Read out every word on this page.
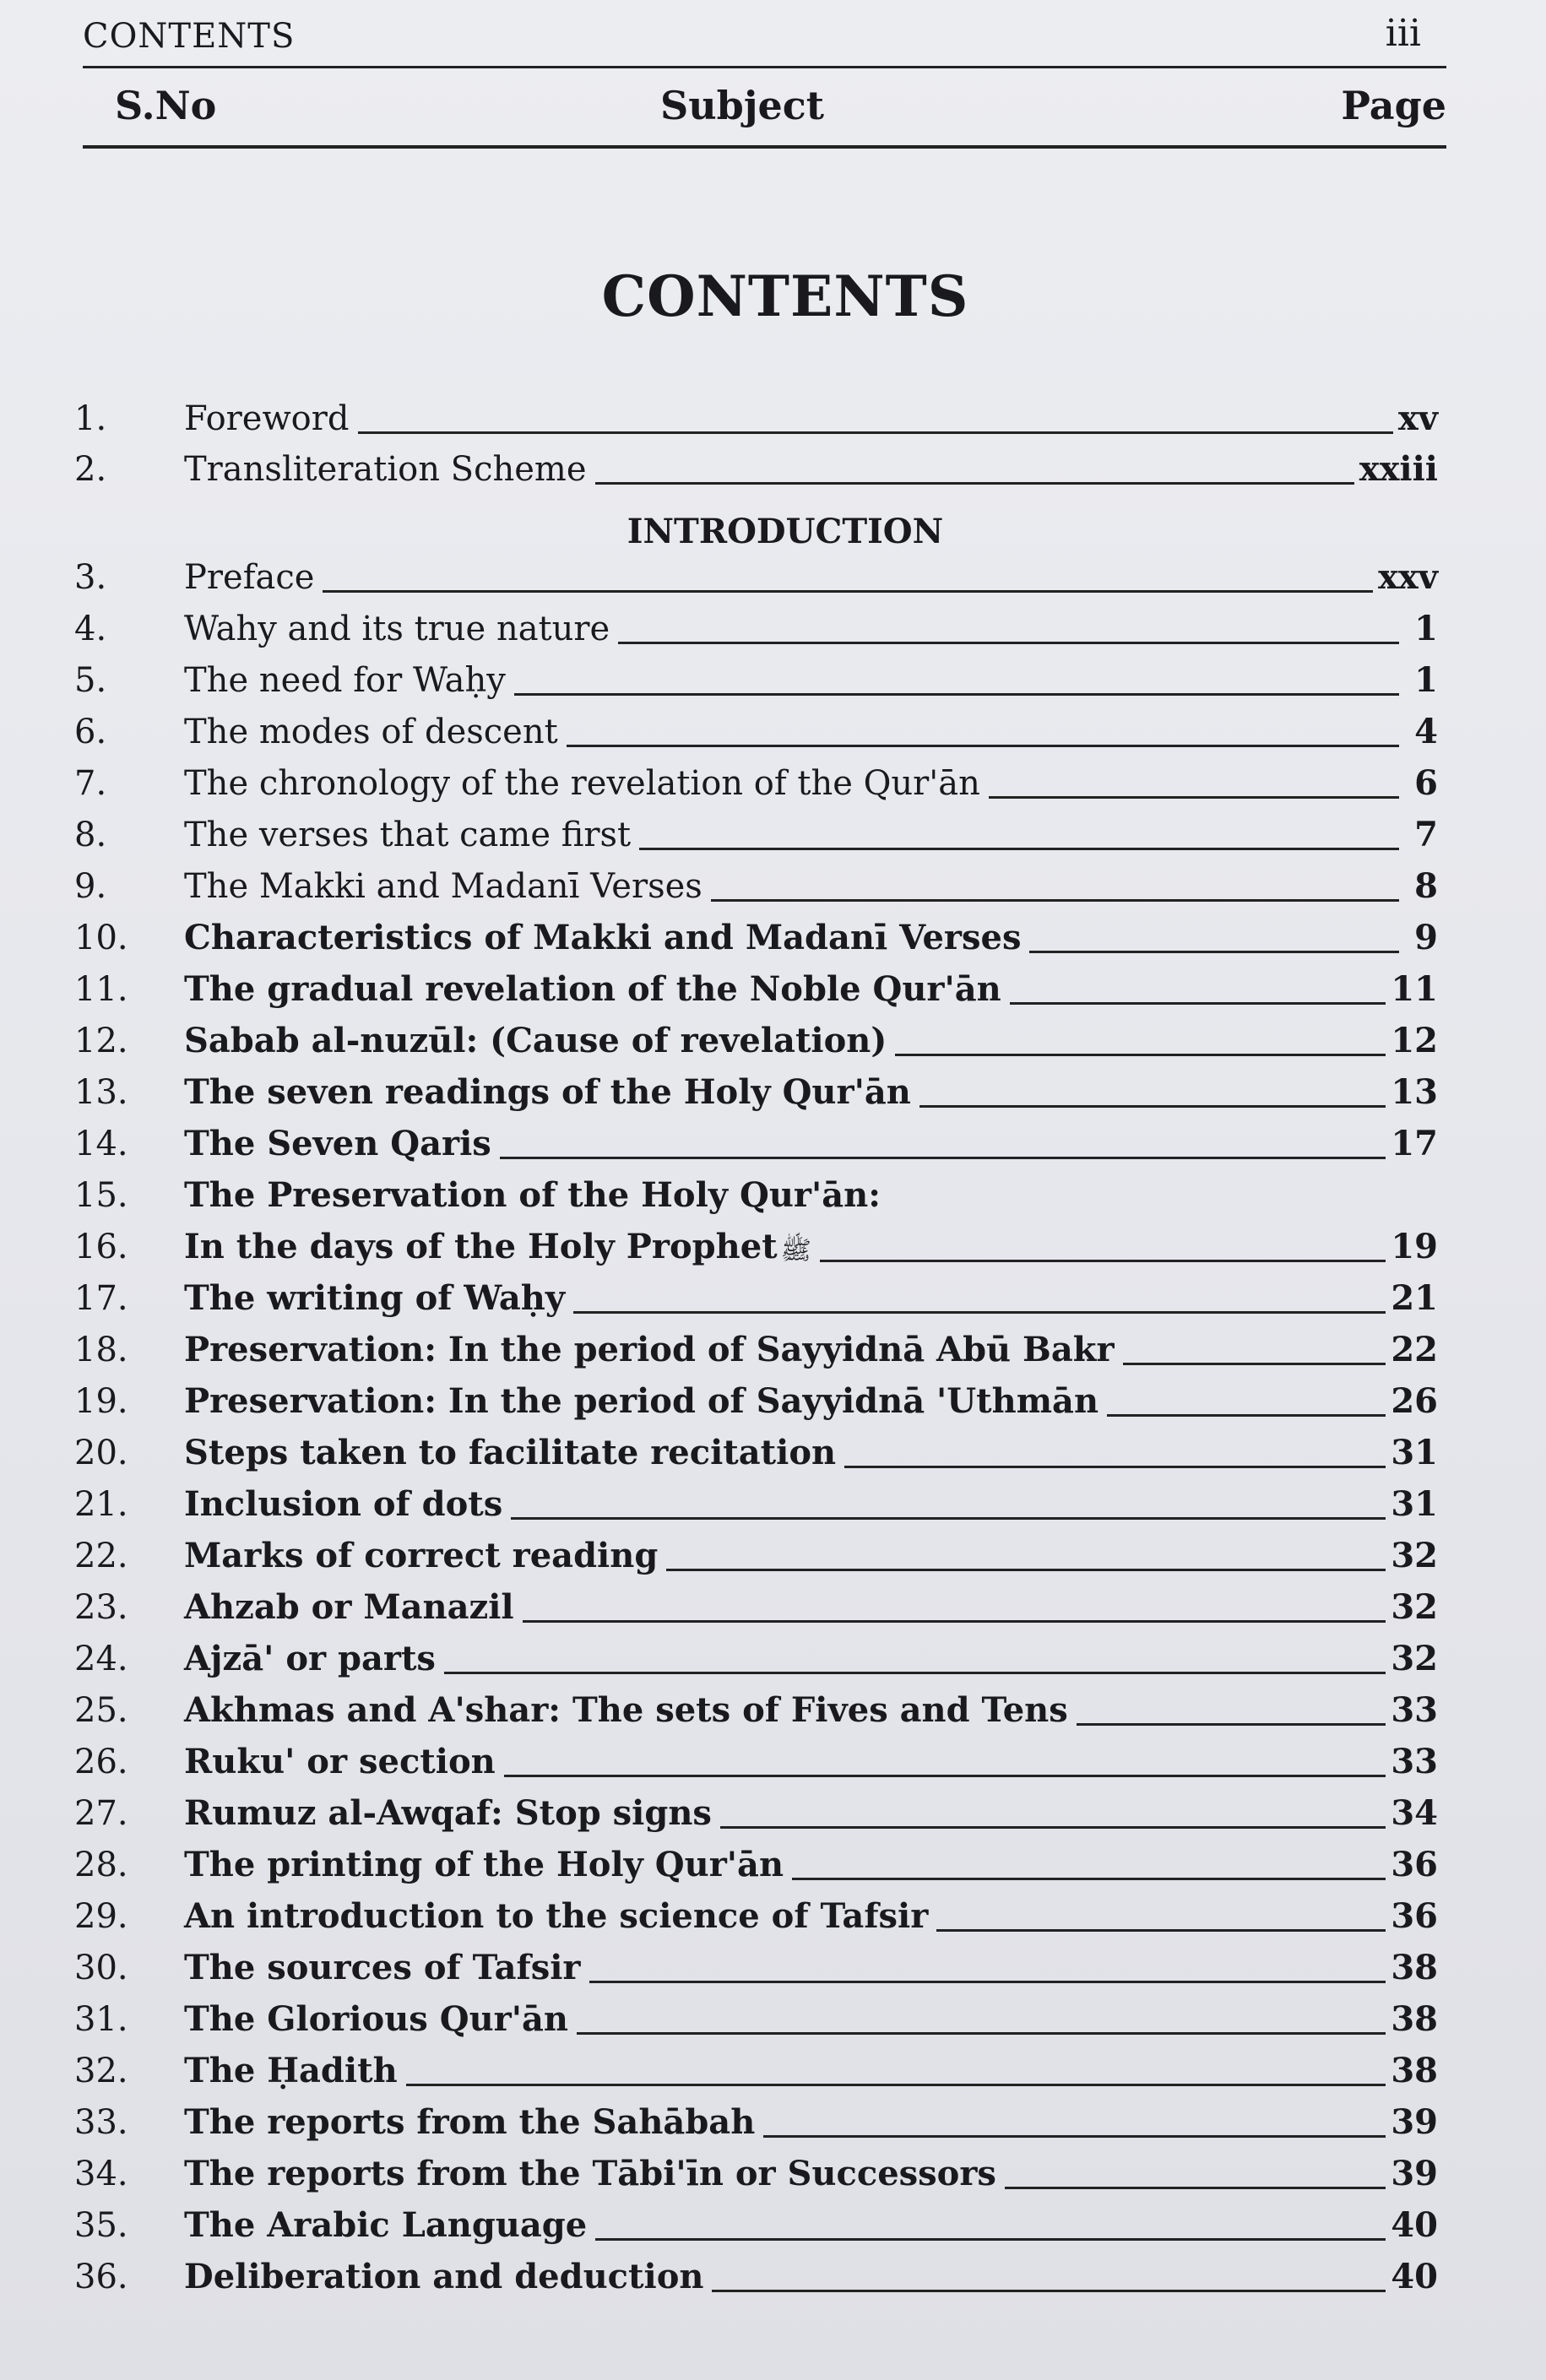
CONTENTS	iii
S.No	Subject	Page
CONTENTS
INTRODUCTION
1.	Foreword	xv
2.	Transliteration Scheme	xxiii
3.	Preface	xxv
4.	Wahy and its true nature	1
5.	The need for Waḥy	1
6.	The modes of descent	4
7.	The chronology of the revelation of the Qur'ān	6
8.	The verses that came first	7
9.	The Makki and Madanī Verses	8
10.	Characteristics of Makki and Madanī Verses	9
11.	The gradual revelation of the Noble Qur'ān	11
12.	Sabab al-nuzūl: (Cause of revelation)	12
13.	The seven readings of the Holy Qur'ān	13
14.	The Seven Qaris	17
15.	The Preservation of the Holy Qur'ān:
16.	In the days of the Holy Prophet ﷺ	19
17.	The writing of Waḥy	21
18.	Preservation: In the period of Sayyidnā Abū Bakr	22
19.	Preservation: In the period of Sayyidnā 'Uthmān	26
20.	Steps taken to facilitate recitation	31
21.	Inclusion of dots	31
22.	Marks of correct reading	32
23.	Ahzab or Manazil	32
24.	Ajzā' or parts	32
25.	Akhmas and A'shar: The sets of Fives and Tens	33
26.	Ruku' or section	33
27.	Rumuz al-Awqaf: Stop signs	34
28.	The printing of the Holy Qur'ān	36
29.	An introduction to the science of Tafsir	36
30.	The sources of Tafsir	38
31.	The Glorious Qur'ān	38
32.	The Ḥadith	38
33.	The reports from the Sahābah	39
34.	The reports from the Tābi'īn or Successors	39
35.	The Arabic Language	40
36.	Deliberation and deduction	40
